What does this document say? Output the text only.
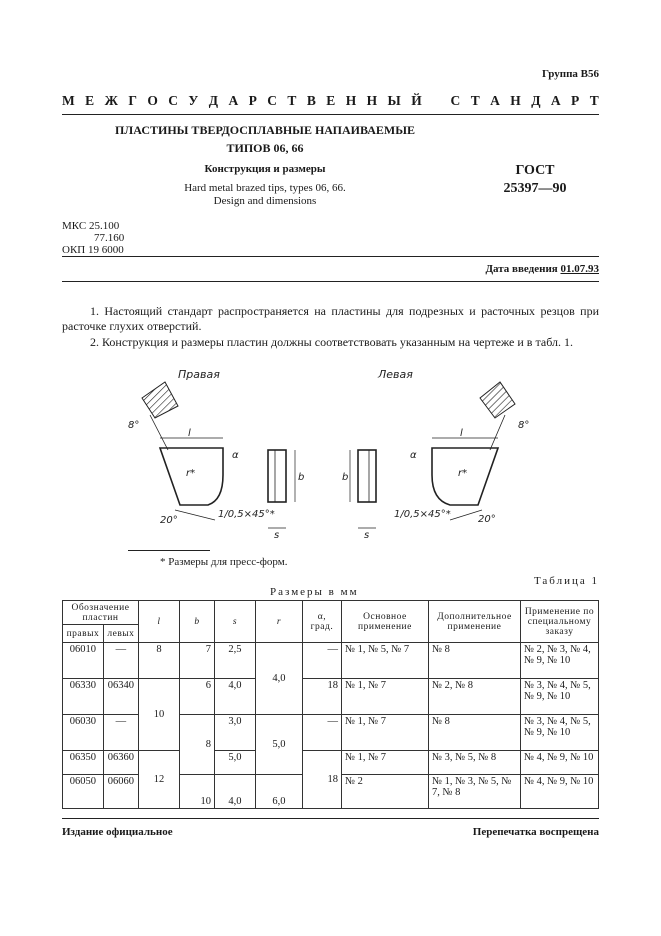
Группа В56
М Е Ж Г О С У Д А Р С Т В Е Н Н Ы Й С Т А Н Д А Р Т
ПЛАСТИНЫ ТВЕРДОСПЛАВНЫЕ НАПАИВАЕМЫЕ
ТИПОВ 06, 66
Конструкция и размеры
Hard metal brazed tips, types 06, 66.
Design and dimensions
ГОСТ
25397—90
МКС 25.100
77.160
ОКП 19 6000
Дата введения 01.07.93
1. Настоящий стандарт распространяется на пластины для подрезных и расточных резцов при расточке глухих отверстий.
2. Конструкция и размеры пластин должны соответствовать указанным на чертеже и в табл. 1.
Правая
8°
l
r*
20°
b
α
1/0,5×45°*
s
Левая
b
α
1/0,5×45°*
s
8°
l
r*
20°
* Размеры для пресс-форм.
Таблица 1
Размеры в мм
Обозначение пластин		l	b	s	r	α, град.	Основное применение	Дополнительное применение	Применение по специальному заказу
правых	левых								
06010	—	8	7	2,5	4,0	—	№ 1, № 5, № 7	№ 8	№ 2, № 3, № 4, № 9, № 10
06330	06340	10	6	4,0		18	№ 1, № 7	№ 2, № 8	№ 3, № 4, № 5, № 9, № 10
06030	—		8	3,0	5,0	—	№ 1, № 7	№ 8	№ 3, № 4, № 5, № 9, № 10
06350	06360	12		5,0		18	№ 1, № 7	№ 3, № 5, № 8	№ 4, № 9, № 10
06050	06060		10	4,0	6,0		№ 2	№ 1, № 3, № 5, № 7, № 8	№ 4, № 9, № 10
Издание официальное	Перепечатка воспрещена
